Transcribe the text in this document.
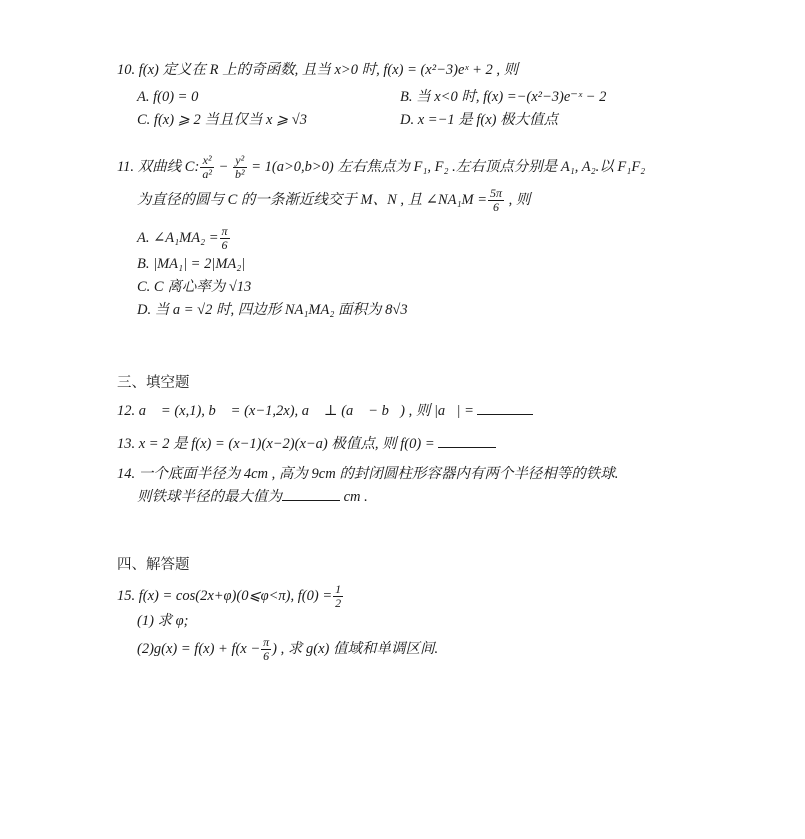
10. f(x) 定义在 R 上的奇函数, 且当 x>0 时, f(x) = (x²−3)eˣ + 2 , 则
A. f(0) = 0	B. 当 x<0 时, f(x) =−(x²−3)e⁻ˣ − 2
C. f(x) ⩾ 2 当且仅当 x ⩾ √3	D. x =−1 是 f(x) 极大值点
11. 双曲线 C: $\frac{\text{x²}}{\text{a²}} - \frac{\text{y²}}{\text{b²}} = 1(a>0,b>0)$ 左右焦点为 F₁, F₂ .左右顶点分别是 A₁, A₂.以 F₁F₂
为直径的圆与 C 的一条渐近线交于 M、N , 且 ∠NA₁M = $\frac{5\pi}{6}$ , 则
A. ∠A₁MA₂ = $\frac{\pi}{6}$
B. |MA₁| = 2|MA₂|
C. C 离心率为 √13
D. 当 a = √2 时, 四边形 NA₁MA₂ 面积为 8√3
三、填空题
12. a⃗ = (x,1), b⃗ = (x−1,2x), a⃗ ⊥ (a⃗ − b⃗) , 则 |a⃗| =
13. x = 2 是 f(x) = (x−1)(x−2)(x−a) 极值点, 则 f(0) =
14. 一个底面半径为 4cm , 高为 9cm 的封闭圆柱形容器内有两个半径相等的铁球.
则铁球半径的最大值为	cm .
四、解答题
15. f(x) = cos(2x+φ)(0⩽φ<π), $f(0) = \frac{1}{2}$
(1) 求 φ;
$(2)g(x) = f(x) + f(x - \frac{\pi}{6}$ ) , 求 g(x) 值域和单调区间.
